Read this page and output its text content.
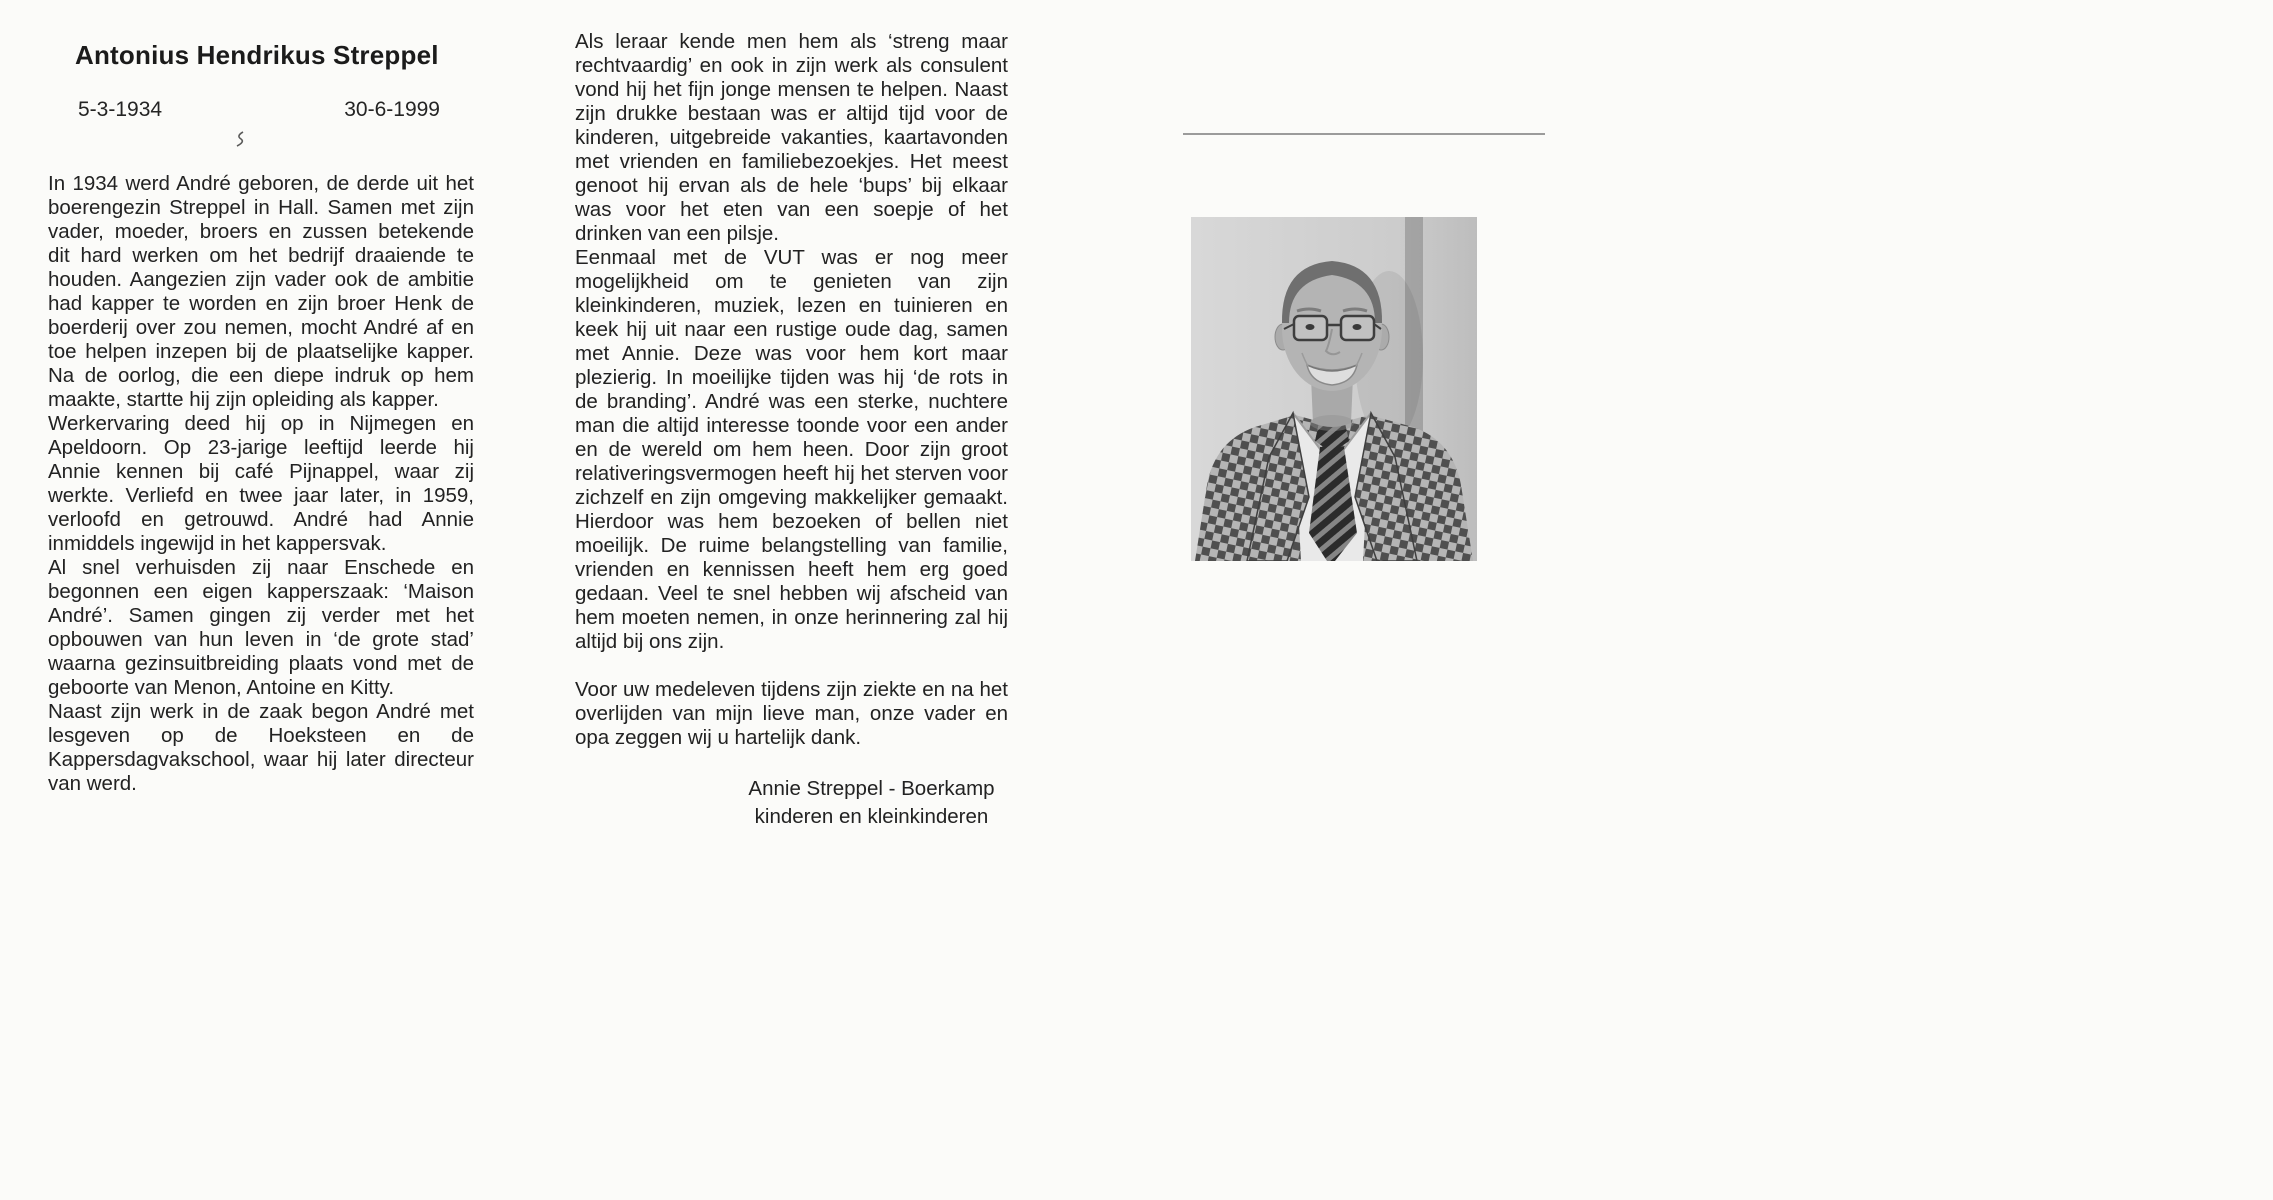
Antonius Hendrikus Streppel
5-3-1934	30-6-1999

In 1934 werd André geboren, de derde uit het boerengezin Streppel in Hall. Samen met zijn vader, moeder, broers en zussen betekende dit hard werken om het bedrijf draaiende te houden. Aangezien zijn vader ook de ambitie had kapper te worden en zijn broer Henk de boerderij over zou nemen, mocht André af en toe helpen inzepen bij de plaatselijke kapper. Na de oorlog, die een diepe indruk op hem maakte, startte hij zijn opleiding als kapper.

Werkervaring deed hij op in Nijmegen en Apeldoorn. Op 23-jarige leeftijd leerde hij Annie kennen bij café Pijnappel, waar zij werkte. Verliefd en twee jaar later, in 1959, verloofd en getrouwd. André had Annie inmiddels ingewijd in het kappersvak.

Al snel verhuisden zij naar Enschede en begonnen een eigen kapperszaak: ‘Maison André’. Samen gingen zij verder met het opbouwen van hun leven in ‘de grote stad’ waarna gezinsuitbreiding plaats vond met de geboorte van Menon, Antoine en Kitty.

Naast zijn werk in de zaak begon André met lesgeven op de Hoeksteen en de Kappersdagvakschool, waar hij later directeur van werd.

Als leraar kende men hem als ‘streng maar rechtvaardig’ en ook in zijn werk als consulent vond hij het fijn jonge mensen te helpen. Naast zijn drukke bestaan was er altijd tijd voor de kinderen, uitgebreide vakanties, kaartavonden met vrienden en familiebezoekjes. Het meest genoot hij ervan als de hele ‘bups’ bij elkaar was voor het eten van een soepje of het drinken van een pilsje.

Eenmaal met de VUT was er nog meer mogelijkheid om te genieten van zijn kleinkinderen, muziek, lezen en tuinieren en keek hij uit naar een rustige oude dag, samen met Annie. Deze was voor hem kort maar plezierig. In moeilijke tijden was hij ‘de rots in de branding’. André was een sterke, nuchtere man die altijd interesse toonde voor een ander en de wereld om hem heen. Door zijn groot relativeringsvermogen heeft hij het sterven voor zichzelf en zijn omgeving makkelijker gemaakt. Hierdoor was hem bezoeken of bellen niet moeilijk. De ruime belangstelling van familie, vrienden en kennissen heeft hem erg goed gedaan. Veel te snel hebben wij afscheid van hem moeten nemen, in onze herinnering zal hij altijd bij ons zijn.

Voor uw medeleven tijdens zijn ziekte en na het overlijden van mijn lieve man, onze vader en opa zeggen wij u hartelijk dank.

Annie Streppel - Boerkamp
kinderen en kleinkinderen
